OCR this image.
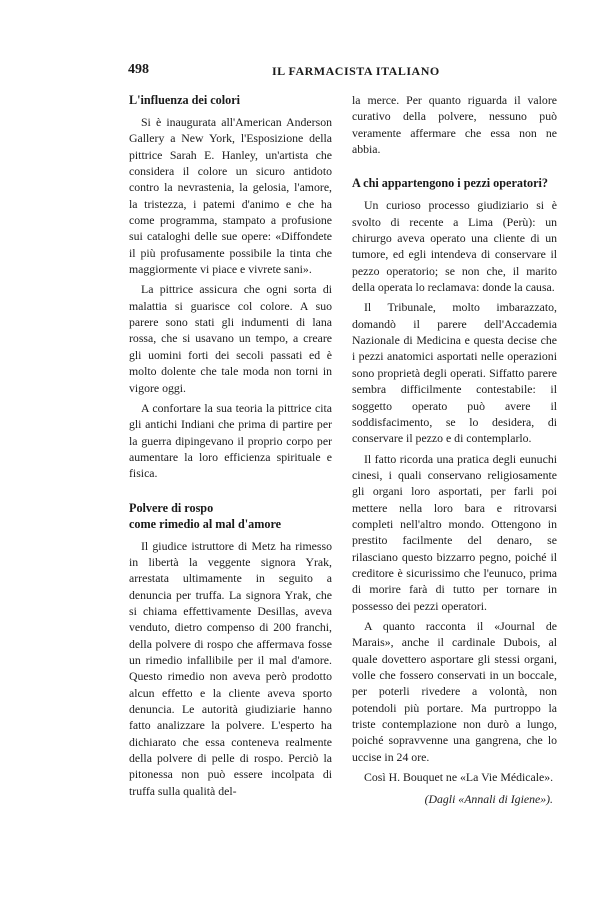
498	IL FARMACISTA ITALIANO
L'influenza dei colori

Si è inaugurata all'American Anderson Gallery a New York, l'Esposizione della pittrice Sarah E. Hanley, un'artista che considera il colore un sicuro antidoto contro la nevrastenia, la gelosia, l'amore, la tristezza, i patemi d'animo e che ha come programma, stampato a profusione sui cataloghi delle sue opere: «Diffondete il più profusamente possibile la tinta che maggiormente vi piace e vivrete sani».

La pittrice assicura che ogni sorta di malattia si guarisce col colore. A suo parere sono stati gli indumenti di lana rossa, che si usavano un tempo, a creare gli uomini forti dei secoli passati ed è molto dolente che tale moda non torni in vigore oggi.

A confortare la sua teoria la pittrice cita gli antichi Indiani che prima di partire per la guerra dipingevano il proprio corpo per aumentare la loro efficienza spirituale e fisica.

Polvere di rospo
come rimedio al mal d'amore

Il giudice istruttore di Metz ha rimesso in libertà la veggente signora Yrak, arrestata ultimamente in seguito a denuncia per truffa. La signora Yrak, che si chiama effettivamente Desillas, aveva venduto, dietro compenso di 200 franchi, della polvere di rospo che affermava fosse un rimedio infallibile per il mal d'amore. Questo rimedio non aveva però prodotto alcun effetto e la cliente aveva sporto denuncia. Le autorità giudiziarie hanno fatto analizzare la polvere. L'esperto ha dichiarato che essa conteneva realmente della polvere di pelle di rospo. Perciò la pitonessa non può essere incolpata di truffa sulla qualità del-

la merce. Per quanto riguarda il valore curativo della polvere, nessuno può veramente affermare che essa non ne abbia.

A chi appartengono i pezzi operatori?

Un curioso processo giudiziario si è svolto di recente a Lima (Perù): un chirurgo aveva operato una cliente di un tumore, ed egli intendeva di conservare il pezzo operatorio; se non che, il marito della operata lo reclamava: donde la causa.

Il Tribunale, molto imbarazzato, domandò il parere dell'Accademia Nazionale di Medicina e questa decise che i pezzi anatomici asportati nelle operazioni sono proprietà degli operati. Siffatto parere sembra difficilmente contestabile: il soggetto operato può avere il soddisfacimento, se lo desidera, di conservare il pezzo e di contemplarlo.

Il fatto ricorda una pratica degli eunuchi cinesi, i quali conservano religiosamente gli organi loro asportati, per farli poi mettere nella loro bara e ritrovarsi completi nell'altro mondo. Ottengono in prestito facilmente del denaro, se rilasciano questo bizzarro pegno, poiché il creditore è sicurissimo che l'eunuco, prima di morire farà di tutto per tornare in possesso dei pezzi operatori.

A quanto racconta il «Journal de Marais», anche il cardinale Dubois, al quale dovettero asportare gli stessi organi, volle che fossero conservati in un boccale, per poterli rivedere a volontà, non potendoli più portare. Ma purtroppo la triste contemplazione non durò a lungo, poiché sopravvenne una gangrena, che lo uccise in 24 ore.

Così H. Bouquet ne «La Vie Médicale».

(Dagli «Annali di Igiene»).
